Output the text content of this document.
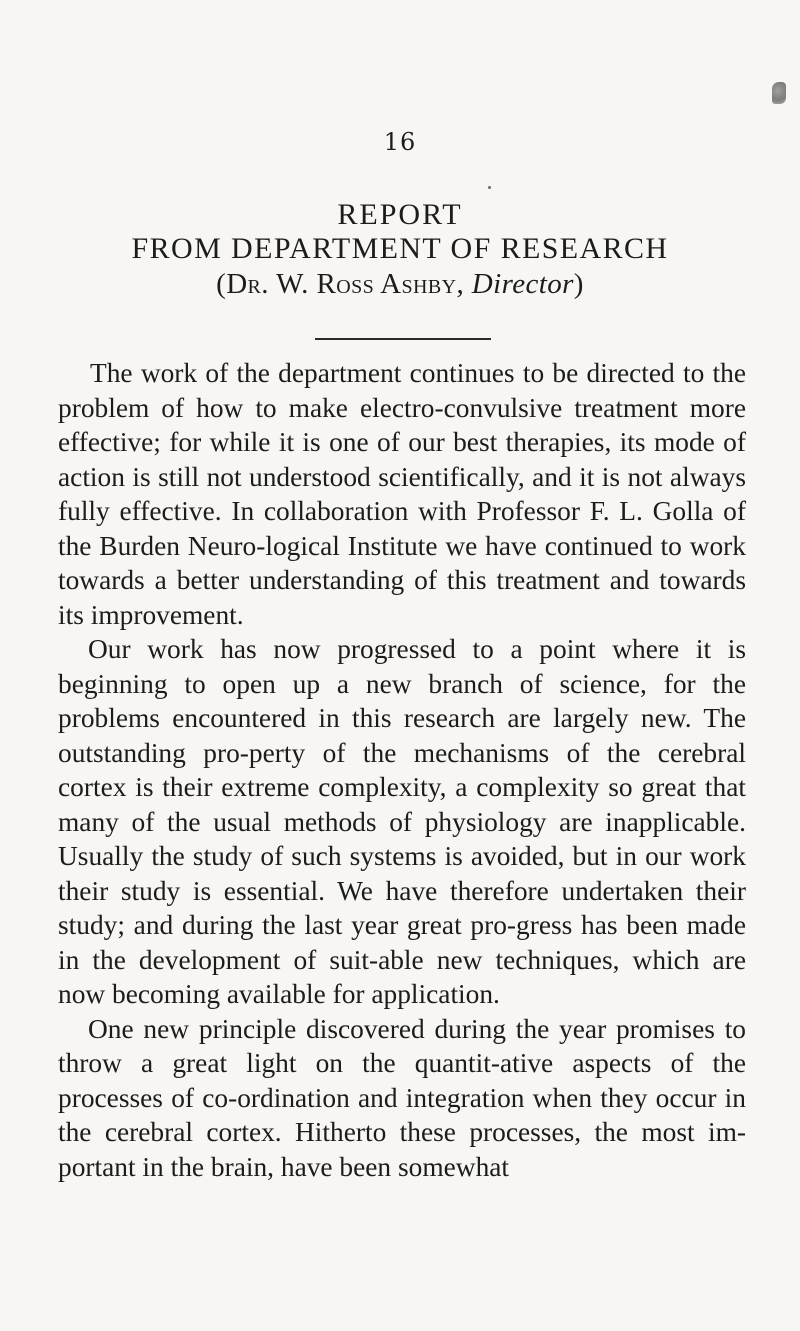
16
REPORT
FROM DEPARTMENT OF RESEARCH
(Dr. W. Ross Ashby, Director)

The work of the department continues to be directed to the problem of how to make electro-convulsive treatment more effective; for while it is one of our best therapies, its mode of action is still not understood scientifically, and it is not always fully effective. In collaboration with Professor F. L. Golla of the Burden Neuro-logical Institute we have continued to work towards a better understanding of this treatment and towards its improvement.

Our work has now progressed to a point where it is beginning to open up a new branch of science, for the problems encountered in this research are largely new. The outstanding pro-perty of the mechanisms of the cerebral cortex is their extreme complexity, a complexity so great that many of the usual methods of physiology are inapplicable. Usually the study of such systems is avoided, but in our work their study is essential. We have therefore undertaken their study; and during the last year great pro-gress has been made in the development of suit-able new techniques, which are now becoming available for application.

One new principle discovered during the year promises to throw a great light on the quantit-ative aspects of the processes of co-ordination and integration when they occur in the cerebral cortex. Hitherto these processes, the most im-portant in the brain, have been somewhat
